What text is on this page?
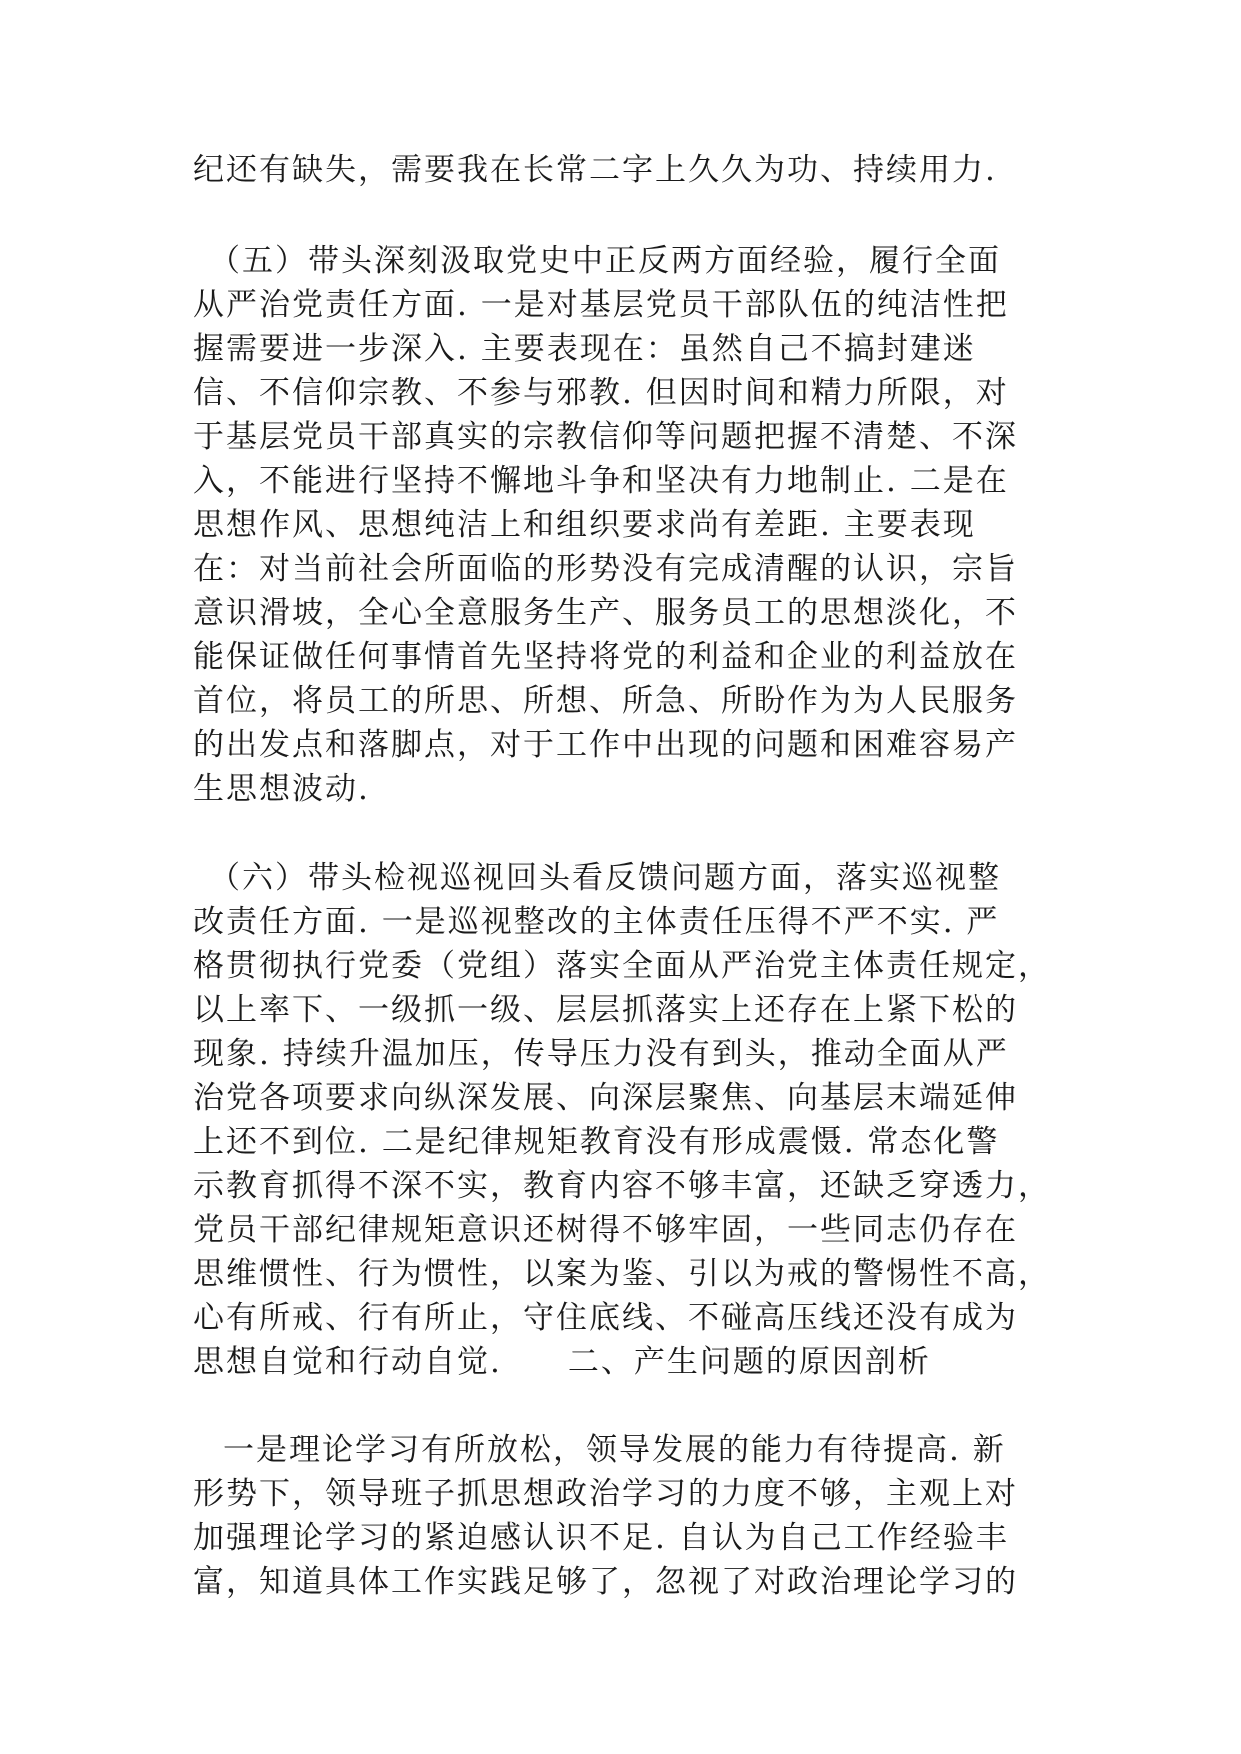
纪还有缺失，需要我在长常二字上久久为功、持续用力.
（五）带头深刻汲取党史中正反两方面经验，履行全面
从严治党责任方面. 一是对基层党员干部队伍的纯洁性把
握需要进一步深入. 主要表现在：虽然自己不搞封建迷
信、不信仰宗教、不参与邪教. 但因时间和精力所限，对
于基层党员干部真实的宗教信仰等问题把握不清楚、不深
入，不能进行坚持不懈地斗争和坚决有力地制止. 二是在
思想作风、思想纯洁上和组织要求尚有差距. 主要表现
在：对当前社会所面临的形势没有完成清醒的认识，宗旨
意识滑坡，全心全意服务生产、服务员工的思想淡化，不
能保证做任何事情首先坚持将党的利益和企业的利益放在
首位，将员工的所思、所想、所急、所盼作为为人民服务
的出发点和落脚点，对于工作中出现的问题和困难容易产
生思想波动.
（六）带头检视巡视回头看反馈问题方面，落实巡视整
改责任方面. 一是巡视整改的主体责任压得不严不实. 严
格贯彻执行党委（党组）落实全面从严治党主体责任规定，
以上率下、一级抓一级、层层抓落实上还存在上紧下松的
现象. 持续升温加压，传导压力没有到头，推动全面从严
治党各项要求向纵深发展、向深层聚焦、向基层末端延伸
上还不到位. 二是纪律规矩教育没有形成震慑. 常态化警
示教育抓得不深不实，教育内容不够丰富，还缺乏穿透力，
党员干部纪律规矩意识还树得不够牢固，一些同志仍存在
思维惯性、行为惯性，以案为鉴、引以为戒的警惕性不高，
心有所戒、行有所止，守住底线、不碰高压线还没有成为
思想自觉和行动自觉.　　二、产生问题的原因剖析
一是理论学习有所放松，领导发展的能力有待提高. 新
形势下，领导班子抓思想政治学习的力度不够，主观上对
加强理论学习的紧迫感认识不足. 自认为自己工作经验丰
富，知道具体工作实践足够了，忽视了对政治理论学习的
